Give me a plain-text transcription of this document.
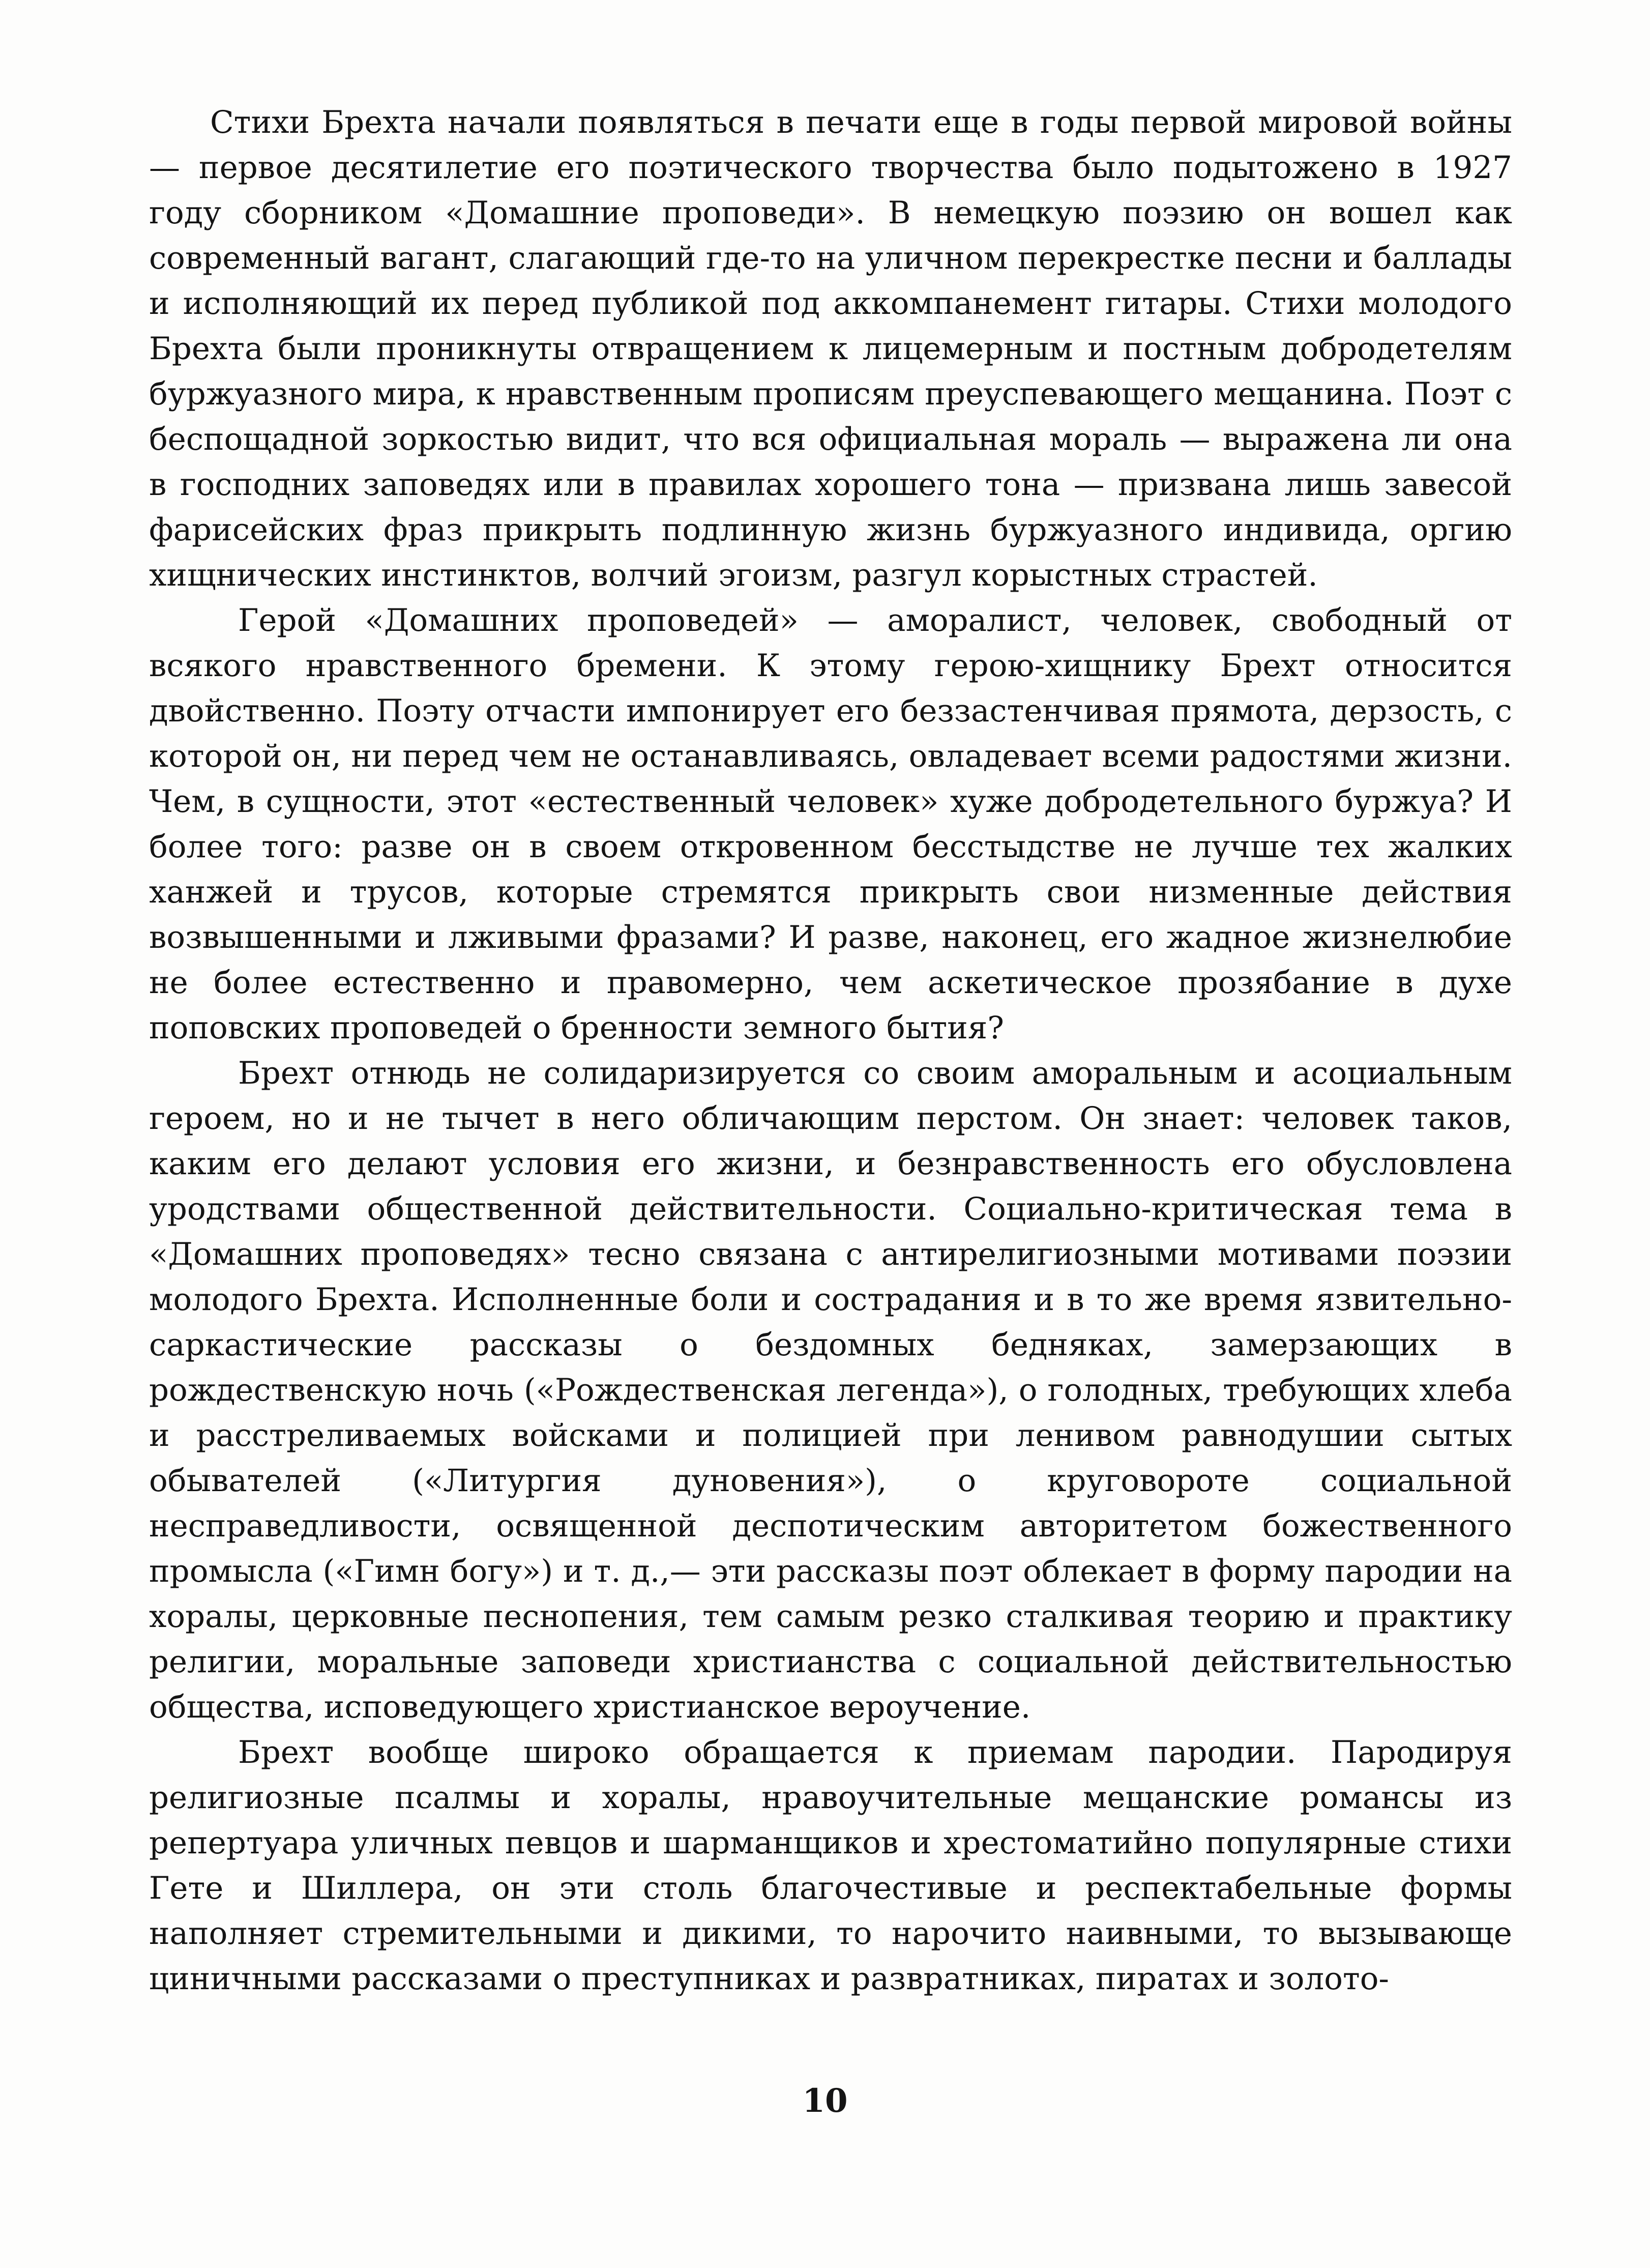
Стихи Брехта начали появляться в печати еще в годы первой мировой войны — первое десятилетие его поэтического творчества было подытожено в 1927 году сборником «Домашние проповеди». В немецкую поэзию он вошел как современный вагант, слагающий где-то на уличном перекрестке песни и баллады и исполняющий их перед публикой под аккомпанемент гитары. Стихи молодого Брехта были проникнуты отвращением к лицемерным и постным добродетелям буржуазного мира, к нравственным прописям преуспевающего мещанина. Поэт с беспощадной зоркостью видит, что вся официальная мораль — выражена ли она в господних заповедях или в правилах хорошего тона — призвана лишь завесой фарисейских фраз прикрыть подлинную жизнь буржуазного индивида, оргию хищнических инстинктов, волчий эгоизм, разгул корыстных страстей.

Герой «Домашних проповедей» — аморалист, человек, свободный от всякого нравственного бремени. К этому герою-хищнику Брехт относится двойственно. Поэту отчасти импонирует его беззастенчивая прямота, дерзость, с которой он, ни перед чем не останавливаясь, овладевает всеми радостями жизни. Чем, в сущности, этот «естественный человек» хуже добродетельного буржуа? И более того: разве он в своем откровенном бесстыдстве не лучше тех жалких ханжей и трусов, которые стремятся прикрыть свои низменные действия возвышенными и лживыми фразами? И разве, наконец, его жадное жизнелюбие не более естественно и правомерно, чем аскетическое прозябание в духе поповских проповедей о бренности земного бытия?

Брехт отнюдь не солидаризируется со своим аморальным и асоциальным героем, но и не тычет в него обличающим перстом. Он знает: человек таков, каким его делают условия его жизни, и безнравственность его обусловлена уродствами общественной действительности. Социально-критическая тема в «Домашних проповедях» тесно связана с антирелигиозными мотивами поэзии молодого Брехта. Исполненные боли и сострадания и в то же время язвительно-саркастические рассказы о бездомных бедняках, замерзающих в рождественскую ночь («Рождественская легенда»), о голодных, требующих хлеба и расстреливаемых войсками и полицией при ленивом равнодушии сытых обывателей («Литургия дуновения»), о круговороте социальной несправедливости, освященной деспотическим авторитетом божественного промысла («Гимн богу») и т. д.,— эти рассказы поэт облекает в форму пародии на хоралы, церковные песнопения, тем самым резко сталкивая теорию и практику религии, моральные заповеди христианства с социальной действительностью общества, исповедующего христианское вероучение.

Брехт вообще широко обращается к приемам пародии. Пародируя религиозные псалмы и хоралы, нравоучительные мещанские романсы из репертуара уличных певцов и шарманщиков и хрестоматийно популярные стихи Гете и Шиллера, он эти столь благочестивые и респектабельные формы наполняет стремительными и дикими, то нарочито наивными, то вызывающе циничными рассказами о преступниках и развратниках, пиратах и золото-

10
